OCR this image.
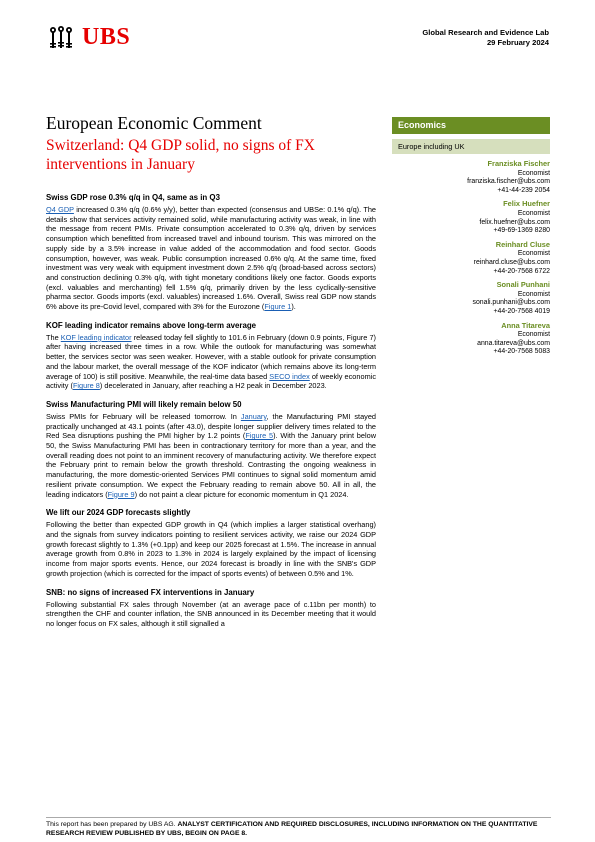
UBS	Global Research and Evidence Lab
29 February 2024
European Economic Comment
Switzerland: Q4 GDP solid, no signs of FX interventions in January
Economics
Europe including UK
Franziska Fischer
Economist
franziska.fischer@ubs.com
+41-44-239 2054
Felix Huefner
Economist
felix.huefner@ubs.com
+49-69-1369 8280
Reinhard Cluse
Economist
reinhard.cluse@ubs.com
+44-20-7568 6722
Sonali Punhani
Economist
sonali.punhani@ubs.com
+44-20-7568 4019
Anna Titareva
Economist
anna.titareva@ubs.com
+44-20-7568 5083
Swiss GDP rose 0.3% q/q in Q4, same as in Q3

Q4 GDP increased 0.3% q/q (0.6% y/y), better than expected (consensus and UBSe: 0.1% q/q). The details show that services activity remained solid, while manufacturing activity was weak, in line with the message from recent PMIs. Private consumption accelerated to 0.3% q/q, driven by services consumption which benefitted from increased travel and inbound tourism. This was mirrored on the supply side by a 3.5% increase in value added of the accommodation and food sector. Goods consumption, however, was weak. Public consumption increased 0.6% q/q. At the same time, fixed investment was very weak with equipment investment down 2.5% q/q (broad-based across sectors) and construction declining 0.3% q/q, with tight monetary conditions likely one factor. Goods exports (excl. valuables and merchanting) fell 1.5% q/q, primarily driven by the less cyclically-sensitive pharma sector. Goods imports (excl. valuables) increased 1.6%. Overall, Swiss real GDP now stands 6% above its pre-Covid level, compared with 3% for the Eurozone (Figure 1).

KOF leading indicator remains above long-term average

The KOF leading indicator released today fell slightly to 101.6 in February (down 0.9 points, Figure 7) after having increased three times in a row. While the outlook for manufacturing was somewhat better, the services sector was seen weaker. However, with a stable outlook for private consumption and the labour market, the overall message of the KOF indicator (which remains above its long-term average of 100) is still positive. Meanwhile, the real-time data based SECO index of weekly economic activity (Figure 8) decelerated in January, after reaching a H2 peak in December 2023.

Swiss Manufacturing PMI will likely remain below 50

Swiss PMIs for February will be released tomorrow. In January, the Manufacturing PMI stayed practically unchanged at 43.1 points (after 43.0), despite longer supplier delivery times related to the Red Sea disruptions pushing the PMI higher by 1.2 points (Figure 5). With the January print below 50, the Swiss Manufacturing PMI has been in contractionary territory for more than a year, and the overall reading does not point to an imminent recovery of manufacturing activity. We therefore expect the February print to remain below the growth threshold. Contrasting the ongoing weakness in manufacturing, the more domestic-oriented Services PMI continues to signal solid momentum amid resilient private consumption. We expect the February reading to remain above 50. All in all, the leading indicators (Figure 9) do not paint a clear picture for economic momentum in Q1 2024.

We lift our 2024 GDP forecasts slightly

Following the better than expected GDP growth in Q4 (which implies a larger statistical overhang) and the signals from survey indicators pointing to resilient services activity, we raise our 2024 GDP growth forecast slightly to 1.3% (+0.1pp) and keep our 2025 forecast at 1.5%. The increase in annual average growth from 0.8% in 2023 to 1.3% in 2024 is largely explained by the impact of licensing income from major sports events. Hence, our 2024 forecast is broadly in line with the SNB's GDP growth projection (which is corrected for the impact of sports events) of between 0.5% and 1%.

SNB: no signs of increased FX interventions in January

Following substantial FX sales through November (at an average pace of c.11bn per month) to strengthen the CHF and counter inflation, the SNB announced in its December meeting that it would no longer focus on FX sales, although it still signalled a

This report has been prepared by UBS AG. ANALYST CERTIFICATION AND REQUIRED DISCLOSURES, INCLUDING INFORMATION ON THE QUANTITATIVE RESEARCH REVIEW PUBLISHED BY UBS, BEGIN ON PAGE 8.
